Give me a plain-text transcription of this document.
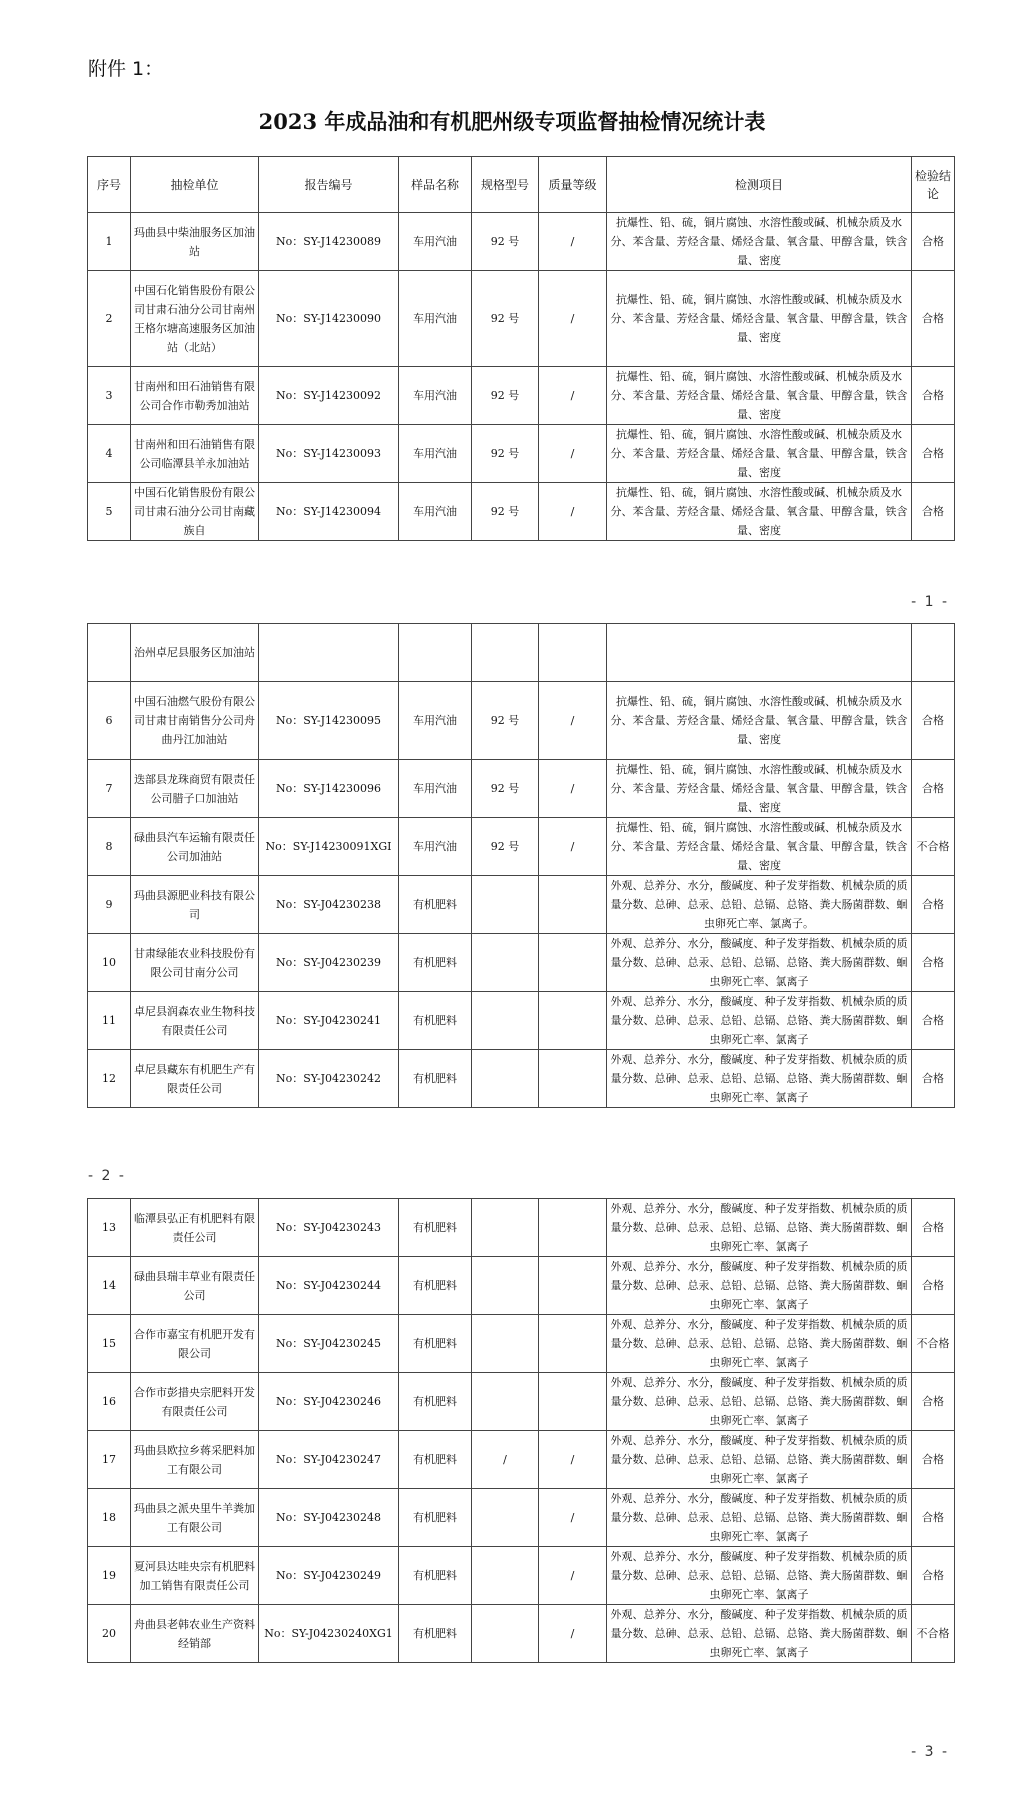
附件 1：
2023 年成品油和有机肥州级专项监督抽检情况统计表
序号	抽检单位	报告编号	样品名称	规格型号	质量等级	检测项目	检验结论
1	玛曲县中柴油服务区加油站	No：SY-J14230089	车用汽油	92 号	/	抗爆性、铅、硫，铜片腐蚀、水溶性酸或碱、机械杂质及水分、苯含量、芳烃含量、烯烃含量、氧含量、甲醇含量，铁含量、密度	合格
2	中国石化销售股份有限公司甘肃石油分公司甘南州王格尔塘高速服务区加油站（北站）	No：SY-J14230090	车用汽油	92 号	/	抗爆性、铅、硫，铜片腐蚀、水溶性酸或碱、机械杂质及水分、苯含量、芳烃含量、烯烃含量、氧含量、甲醇含量，铁含量、密度	合格
3	甘南州和田石油销售有限公司合作市勒秀加油站	No：SY-J14230092	车用汽油	92 号	/	抗爆性、铅、硫，铜片腐蚀、水溶性酸或碱、机械杂质及水分、苯含量、芳烃含量、烯烃含量、氧含量、甲醇含量，铁含量、密度	合格
4	甘南州和田石油销售有限公司临潭县羊永加油站	No：SY-J14230093	车用汽油	92 号	/	抗爆性、铅、硫，铜片腐蚀、水溶性酸或碱、机械杂质及水分、苯含量、芳烃含量、烯烃含量、氧含量、甲醇含量，铁含量、密度	合格
5	中国石化销售股份有限公司甘肃石油分公司甘南藏族自	No：SY-J14230094	车用汽油	92 号	/	抗爆性、铅、硫，铜片腐蚀、水溶性酸或碱、机械杂质及水分、苯含量、芳烃含量、烯烃含量、氧含量、甲醇含量，铁含量、密度	合格
- 1 -
	治州卓尼县服务区加油站						
6	中国石油燃气股份有限公司甘肃甘南销售分公司舟曲丹江加油站	No：SY-J14230095	车用汽油	92 号	/	抗爆性、铅、硫，铜片腐蚀、水溶性酸或碱、机械杂质及水分、苯含量、芳烃含量、烯烃含量、氧含量、甲醇含量，铁含量、密度	合格
7	迭部县龙珠商贸有限责任公司腊子口加油站	No：SY-J14230096	车用汽油	92 号	/	抗爆性、铅、硫，铜片腐蚀、水溶性酸或碱、机械杂质及水分、苯含量、芳烃含量、烯烃含量、氧含量、甲醇含量，铁含量、密度	合格
8	碌曲县汽车运输有限责任公司加油站	No：SY-J14230091XGI	车用汽油	92 号	/	抗爆性、铅、硫，铜片腐蚀、水溶性酸或碱、机械杂质及水分、苯含量、芳烃含量、烯烃含量、氧含量、甲醇含量，铁含量、密度	不合格
9	玛曲县源肥业科技有限公司	No：SY-J04230238	有机肥料			外观、总养分、水分，酸碱度、种子发芽指数、机械杂质的质量分数、总砷、总汞、总铅、总镉、总铬、粪大肠菌群数、蛔虫卵死亡率、氯离子。	合格
10	甘肃绿能农业科技股份有限公司甘南分公司	No：SY-J04230239	有机肥料			外观、总养分、水分，酸碱度、种子发芽指数、机械杂质的质量分数、总砷、总汞、总铅、总镉、总铬、粪大肠菌群数、蛔虫卵死亡率、氯离子	合格
11	卓尼县润森农业生物科技有限责任公司	No：SY-J04230241	有机肥料			外观、总养分、水分，酸碱度、种子发芽指数、机械杂质的质量分数、总砷、总汞、总铅、总镉、总铬、粪大肠菌群数、蛔虫卵死亡率、氯离子	合格
12	卓尼县藏东有机肥生产有限责任公司	No：SY-J04230242	有机肥料			外观、总养分、水分，酸碱度、种子发芽指数、机械杂质的质量分数、总砷、总汞、总铅、总镉、总铬、粪大肠菌群数、蛔虫卵死亡率、氯离子	合格
- 2 -
13	临潭县弘正有机肥料有限责任公司	No：SY-J04230243	有机肥料			外观、总养分、水分，酸碱度、种子发芽指数、机械杂质的质量分数、总砷、总汞、总铅、总镉、总铬、粪大肠菌群数、蛔虫卵死亡率、氯离子	合格
14	碌曲县瑞丰草业有限责任公司	No：SY-J04230244	有机肥料			外观、总养分、水分，酸碱度、种子发芽指数、机械杂质的质量分数、总砷、总汞、总铅、总镉、总铬、粪大肠菌群数、蛔虫卵死亡率、氯离子	合格
15	合作市嘉宝有机肥开发有限公司	No：SY-J04230245	有机肥料			外观、总养分、水分，酸碱度、种子发芽指数、机械杂质的质量分数、总砷、总汞、总铅、总镉、总铬、粪大肠菌群数、蛔虫卵死亡率、氯离子	不合格
16	合作市彭措央宗肥料开发有限责任公司	No：SY-J04230246	有机肥料			外观、总养分、水分，酸碱度、种子发芽指数、机械杂质的质量分数、总砷、总汞、总铅、总镉、总铬、粪大肠菌群数、蛔虫卵死亡率、氯离子	合格
17	玛曲县欧拉乡蒋采肥料加工有限公司	No：SY-J04230247	有机肥料	/	/	外观、总养分、水分，酸碱度、种子发芽指数、机械杂质的质量分数、总砷、总汞、总铅、总镉、总铬、粪大肠菌群数、蛔虫卵死亡率、氯离子	合格
18	玛曲县之派央里牛羊粪加工有限公司	No：SY-J04230248	有机肥料		/	外观、总养分、水分，酸碱度、种子发芽指数、机械杂质的质量分数、总砷、总汞、总铅、总镉、总铬、粪大肠菌群数、蛔虫卵死亡率、氯离子	合格
19	夏河县达哇央宗有机肥料加工销售有限责任公司	No：SY-J04230249	有机肥料		/	外观、总养分、水分，酸碱度、种子发芽指数、机械杂质的质量分数、总砷、总汞、总铅、总镉、总铬、粪大肠菌群数、蛔虫卵死亡率、氯离子	合格
20	舟曲县老韩农业生产资料经销部	No：SY-J04230240XG1	有机肥料		/	外观、总养分、水分，酸碱度、种子发芽指数、机械杂质的质量分数、总砷、总汞、总铅、总镉、总铬、粪大肠菌群数、蛔虫卵死亡率、氯离子	不合格
- 3 -
